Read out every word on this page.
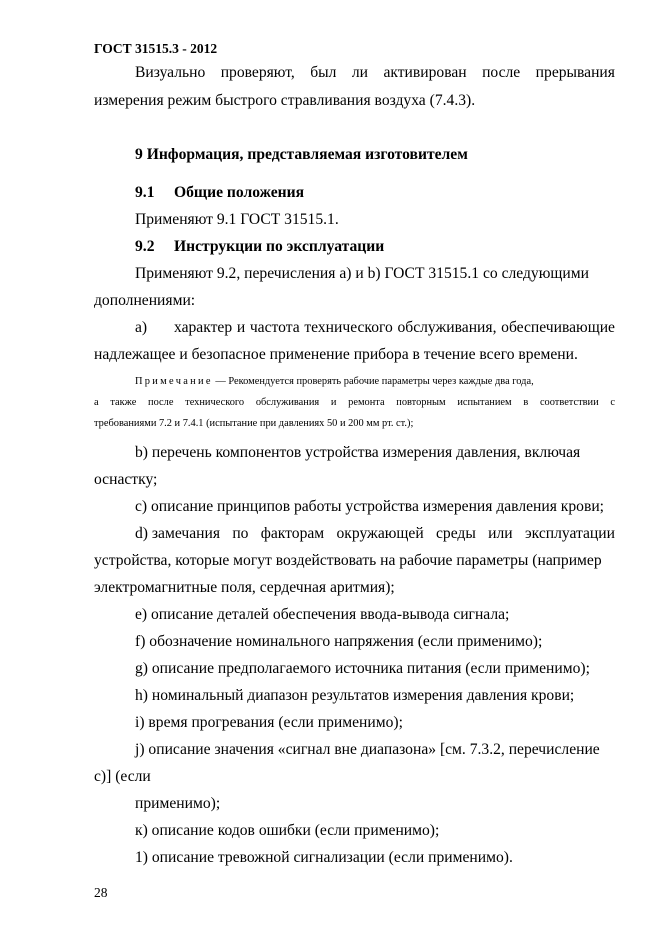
ГОСТ 31515.3 - 2012
Визуально проверяют, был ли активирован после прерывания
измерения режим быстрого стравливания воздуха (7.4.3).
9 Информация, представляемая изготовителем
9.1 Общие положения
Применяют 9.1 ГОСТ 31515.1.
9.2 Инструкции по эксплуатации
Применяют 9.2, перечисления a) и b) ГОСТ 31515.1 со следующими
дополнениями:
а) характер и частота технического обслуживания, обеспечивающие
надлежащее и безопасное применение прибора в течение всего времени.
Примечание — Рекомендуется проверять рабочие параметры через каждые два года,
а также после технического обслуживания и ремонта повторным испытанием в соответствии с
требованиями 7.2 и 7.4.1 (испытание при давлениях 50 и 200 мм рт. ст.);
b) перечень компонентов устройства измерения давления, включая
оснастку;
c) описание принципов работы устройства измерения давления крови;
d) замечания по факторам окружающей среды или эксплуатации
устройства, которые могут воздействовать на рабочие параметры (например
электромагнитные поля, сердечная аритмия);
e) описание деталей обеспечения ввода-вывода сигнала;
f) обозначение номинального напряжения (если применимо);
g) описание предполагаемого источника питания (если применимо);
h) номинальный диапазон результатов измерения давления крови;
i) время прогревания (если применимо);
j) описание значения «сигнал вне диапазона» [см. 7.3.2, перечисление
c)] (если
применимо);
к) описание кодов ошибки (если применимо);
1) описание тревожной сигнализации (если применимо).
28
